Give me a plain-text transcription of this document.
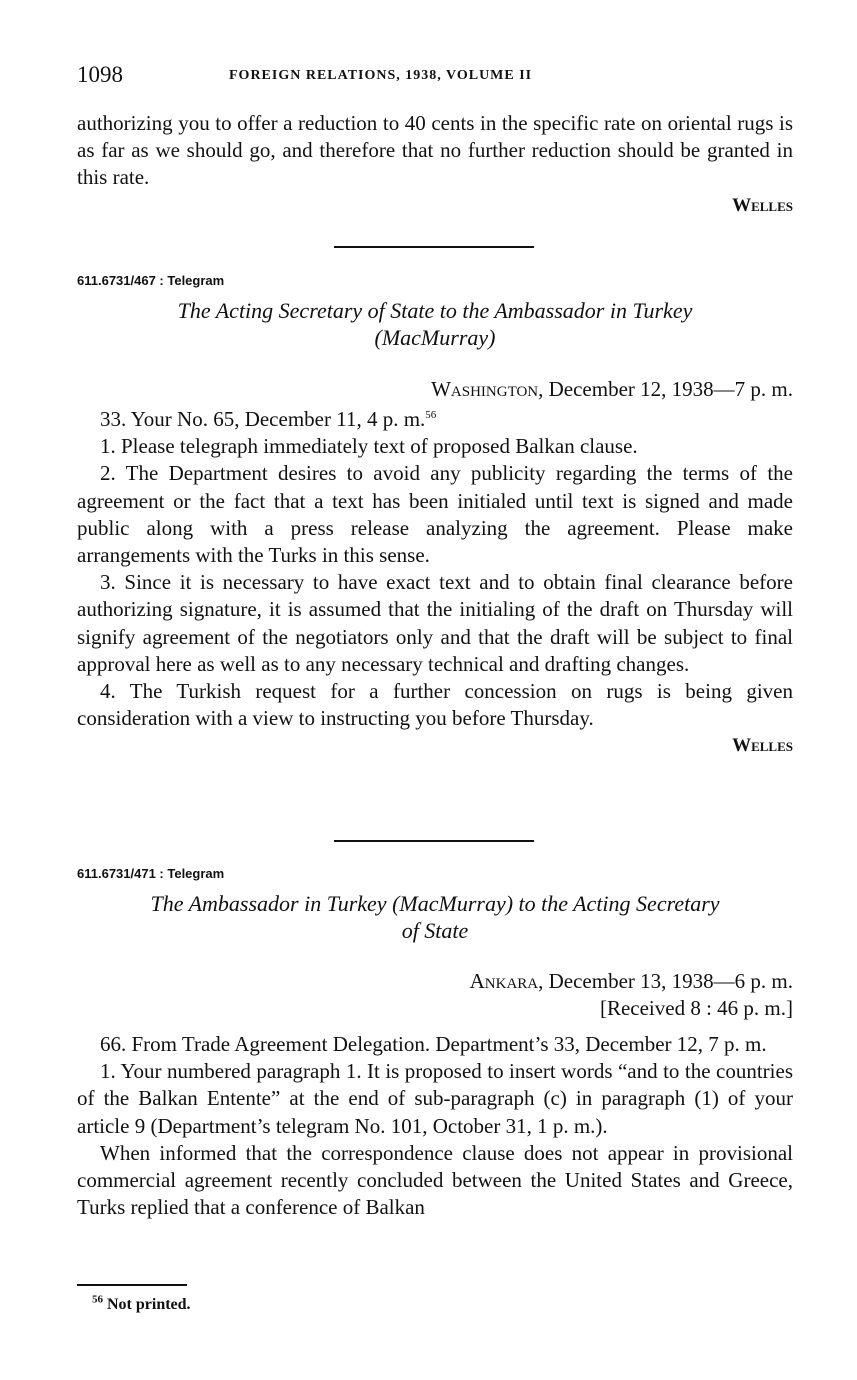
1098	FOREIGN RELATIONS, 1938, VOLUME II

authorizing you to offer a reduction to 40 cents in the specific rate on oriental rugs is as far as we should go, and therefore that no further reduction should be granted in this rate.

Welles
611.6731/467 : Telegram
The Acting Secretary of State to the Ambassador in Turkey
(MacMurray)
Washington, December 12, 1938—7 p. m.

33. Your No. 65, December 11, 4 p. m.$^{56}$

1. Please telegraph immediately text of proposed Balkan clause.

2. The Department desires to avoid any publicity regarding the terms of the agreement or the fact that a text has been initialed until text is signed and made public along with a press release analyzing the agreement. Please make arrangements with the Turks in this sense.

3. Since it is necessary to have exact text and to obtain final clearance before authorizing signature, it is assumed that the initialing of the draft on Thursday will signify agreement of the negotiators only and that the draft will be subject to final approval here as well as to any necessary technical and drafting changes.

4. The Turkish request for a further concession on rugs is being given consideration with a view to instructing you before Thursday.

Welles
611.6731/471 : Telegram
The Ambassador in Turkey (MacMurray) to the Acting Secretary
of State
Ankara, December 13, 1938—6 p. m.
[Received 8 : 46 p. m.]

66. From Trade Agreement Delegation. Department’s 33, December 12, 7 p. m.

1. Your numbered paragraph 1. It is proposed to insert words “and to the countries of the Balkan Entente” at the end of sub-paragraph (c) in paragraph (1) of your article 9 (Department’s telegram No. 101, October 31, 1 p. m.).

When informed that the correspondence clause does not appear in provisional commercial agreement recently concluded between the United States and Greece, Turks replied that a conference of Balkan

$^{56}$ Not printed.
